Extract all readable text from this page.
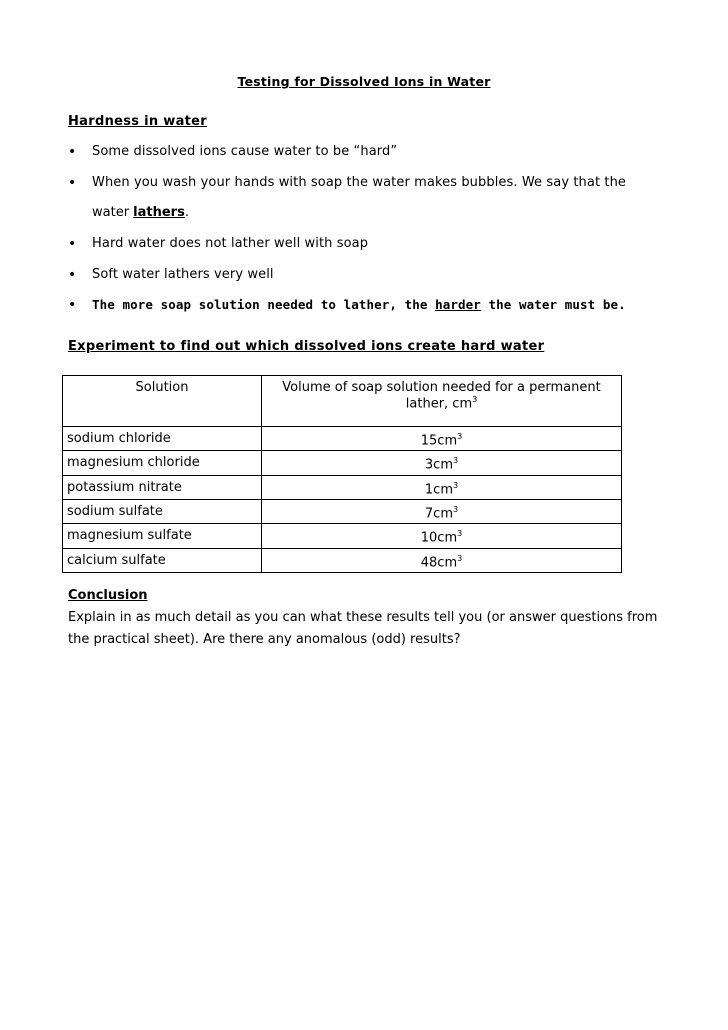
Testing for Dissolved Ions in Water
Hardness in water
• Some dissolved ions cause water to be “hard”
• When you wash your hands with soap the water makes bubbles. We say that the
water lathers.
• Hard water does not lather well with soap
• Soft water lathers very well
• The more soap solution needed to lather, the harder the water must be.
Experiment to find out which dissolved ions create hard water
Solution	Volume of soap solution needed for a permanent lather, $cm^3$
sodium chloride	$15cm^3$
magnesium chloride	$3cm^3$
potassium nitrate	$1cm^3$
sodium sulfate	$7cm^3$
magnesium sulfate	$10cm^3$
calcium sulfate	$48cm^3$
Conclusion
Explain in as much detail as you can what these results tell you (or answer questions from the practical sheet). Are there any anomalous (odd) results?
